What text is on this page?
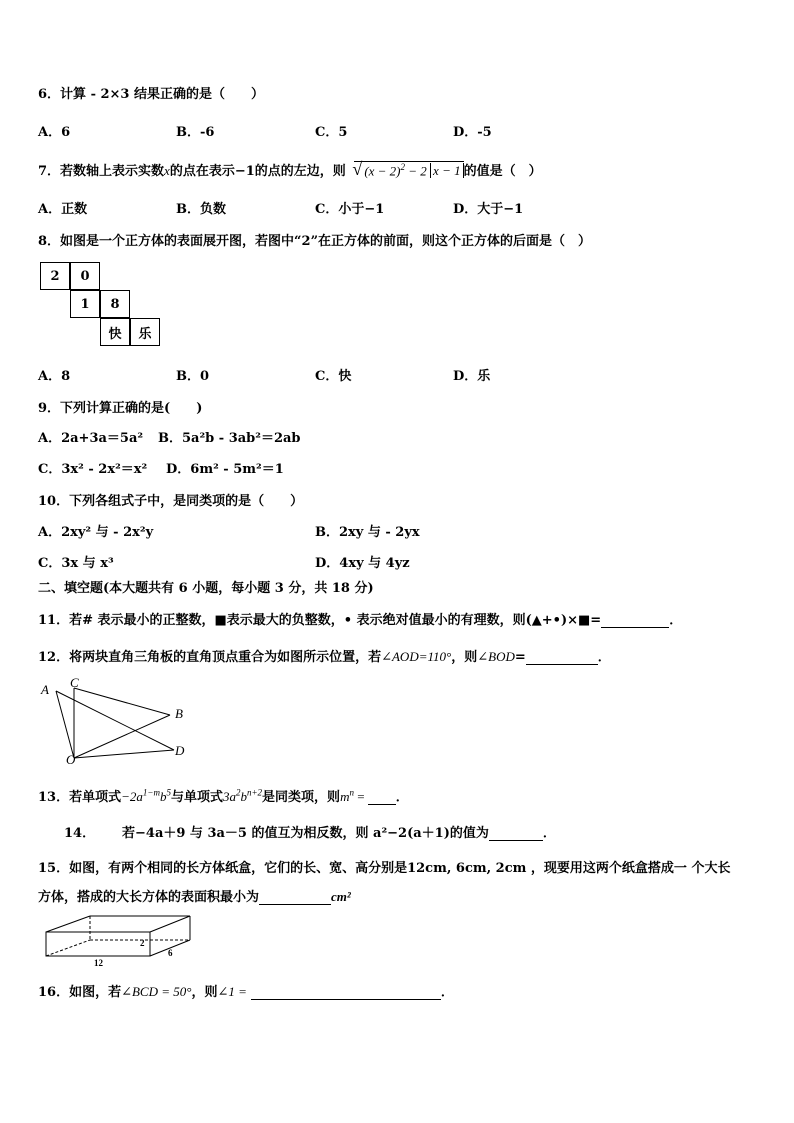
6．计算 - 2×3 结果正确的是（　　）
A．6	B．-6	C．5	D．-5
7．若数轴上表示实数x的点在表示−1的点的左边，则 √ $(x - 2)^2 - 2$ x − 1 的值是（　）
A．正数	B．负数	C．小于−1	D．大于−1
8．如图是一个正方体的表面展开图，若图中“2”在正方体的前面，则这个正方体的后面是（　）
2	0
1	8
快	乐
A．8	B．0	C．快	D．乐
9．下列计算正确的是(　　)
A．2a+3a＝5a² B．5a²b - 3ab²＝2ab
C．3x² - 2x²＝x² D．6m² - 5m²＝1
10．下列各组式子中，是同类项的是（　　）
A．2xy² 与 - 2x²y	B．2xy 与 - 2yx
C．3x 与 x³	D．4xy 与 4yz
二、填空题(本大题共有 6 小题，每小题 3 分，共 18 分)
11．若# 表示最小的正整数，■表示最大的负整数，• 表示绝对值最小的有理数，则(▲+•)×■=	．
12．将两块直角三角板的直角顶点重合为如图所示位置，若∠AOD=110°，则∠BOD=	．
A C
B
O
D
13．若单项式$-2a^{1-m}b^5$与单项式$3a^2b^{n+2}$是同类项，则$m^n$ = ．
14． 若−4a＋9 与 3a－5 的值互为相反数，则 a²−2(a＋1)的值为	．
15．如图，有两个相同的长方体纸盒，它们的长、宽、高分别是12cm, 6cm, 2cm ，现要用这两个纸盒搭成一 个大长
方体，搭成的大长方体的表面积最小为	cm²
12
6
2
16．如图，若∠BCD = 50°，则∠1 =	．
